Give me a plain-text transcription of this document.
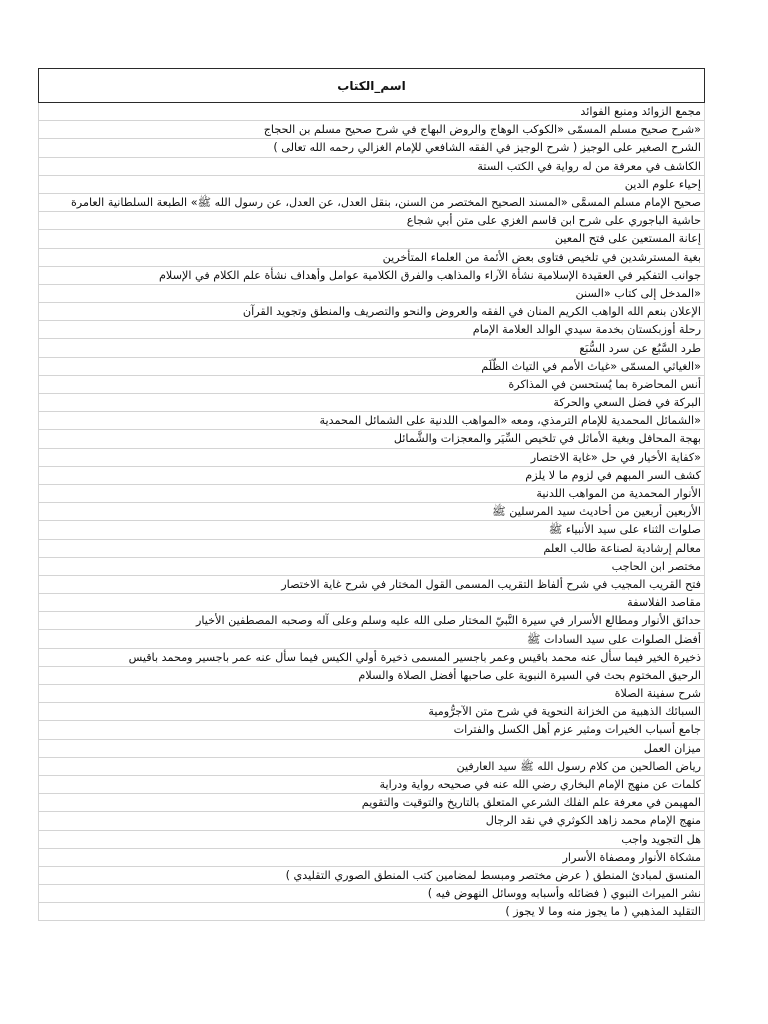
اسم_الكتاب
مجمع الزوائد ومنبع الفوائد
«شرح صحيح مسلم المسمّى «الكوكب الوهاج والروض البهاج في شرح صحيح مسلم بن الحجاج
الشرح الصغير على الوجيز ( شرح الوجيز في الفقه الشافعي للإمام الغزالي رحمه الله تعالى )
الكاشف في معرفة من له رواية في الكتب الستة
إحياء علوم الدين
صحيح الإمام مسلم المسمَّى «المسند الصحيح المختصر من السنن، بنقل العدل، عن العدل، عن رسول الله ﷺ» الطبعة السلطانية العامرة
حاشية الباجوري على شرح ابن قاسم الغزي على متن أبي شجاع
إعانة المستعين على فتح المعين
بغية المسترشدين في تلخيص فتاوى بعض الأئمة من العلماء المتأخرين
جوانب التفكير في العقيدة الإسلامية نشأة الآراء والمذاهب والفرق الكلامية عوامل وأهداف نشأة علم الكلام في الإسلام
«المدخل إلى كتاب «السنن
الإعلان بنعم الله الواهب الكريم المنان في الفقه والعروض والنحو والتصريف والمنطق وتجويد القرآن
رحلة أوزبكستان بخدمة سيدي الوالد العلامة الإمام
طرد السَّبُع عن سرد السُّبَع
«الغياثي المسمّى «غياث الأمم في التياث الظُّلَم
أنس المحاضرة بما يُستحسن في المذاكرة
البركة في فضل السعي والحركة
«الشمائل المحمدية للإمام الترمذي، ومعه «المواهب اللدنية على الشمائل المحمدية
بهجة المحافل وبغية الأماثل في تلخيص السِّيَر والمعجزات والشَّمائل
«كفاية الأخيار في حل «غاية الاختصار
كشف السر المبهم في لزوم ما لا يلزم
الأنوار المحمدية من المواهب اللدنية
الأربعين أربعين من أحاديث سيد المرسلين ﷺ
صلوات الثناء على سيد الأنبياء ﷺ
معالم إرشادية لصناعة طالب العلم
مختصر ابن الحاجب
فتح القريب المجيب في شرح ألفاظ التقريب المسمى القول المختار في شرح غاية الاختصار
مقاصد الفلاسفة
حدائق الأنوار ومطالع الأسرار في سيرة النَّبيّ المختار صلى الله عليه وسلم وعلى آله وصحبه المصطفين الأخيار
أفضل الصلوات على سيد السادات ﷺ
ذخيرة الخير فيما سأل عنه محمد باقيس وعمر باجسير المسمى ذخيرة أولي الكيس فيما سأل عنه عمر باجسير ومحمد باقيس
الرحيق المختوم بحث في السيرة النبوية على صاحبها أفضل الصلاة والسلام
شرح سفينة الصلاة
السبائك الذهبية من الخزانة النحوية في شرح متن الآجرُّومية
جامع أسباب الخيرات ومثير عزم أهل الكسل والفترات
ميزان العمل
رياض الصالحين من كلام رسول الله ﷺ سيد العارفين
كلمات عن منهج الإمام البخاري رضي الله عنه في صحيحه رواية ودراية
المهيمن في معرفة علم الفلك الشرعي المتعلق بالتاريخ والتوقيت والتقويم
منهج الإمام محمد زاهد الكوثري في نقد الرجال
هل التجويد واجب
مشكاة الأنوار ومصفاة الأسرار
المنسق لمبادئ المنطق ( عرض مختصر ومبسط لمضامين كتب المنطق الصوري التقليدي )
نشر الميراث النبوي ( فضائله وأسبابه ووسائل النهوض فيه )
التقليد المذهبي ( ما يجوز منه وما لا يجوز )
